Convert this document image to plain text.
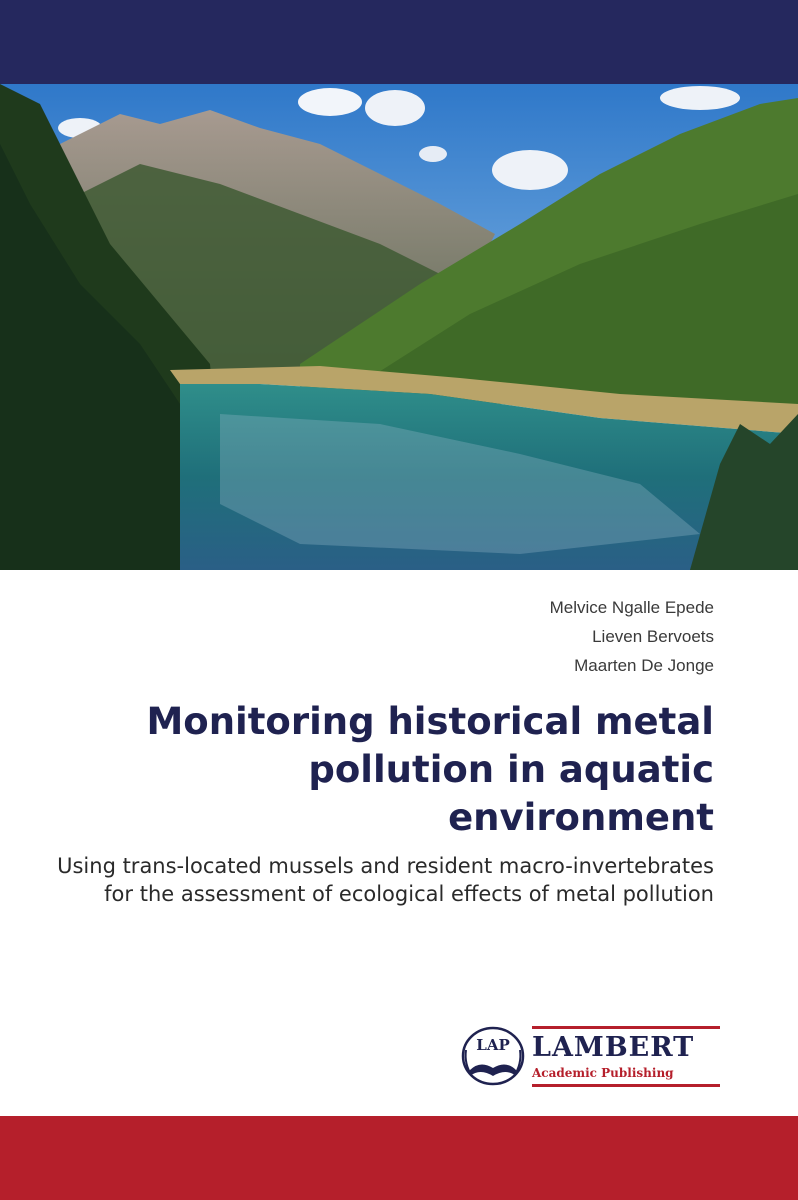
Melvice Ngalle Epede
Lieven Bervoets
Maarten De Jonge
Monitoring historical metal pollution in aquatic environment

Using trans-located mussels and resident macro-invertebrates for the assessment of ecological effects of metal pollution

LAP LAMBERT
Academic Publishing
